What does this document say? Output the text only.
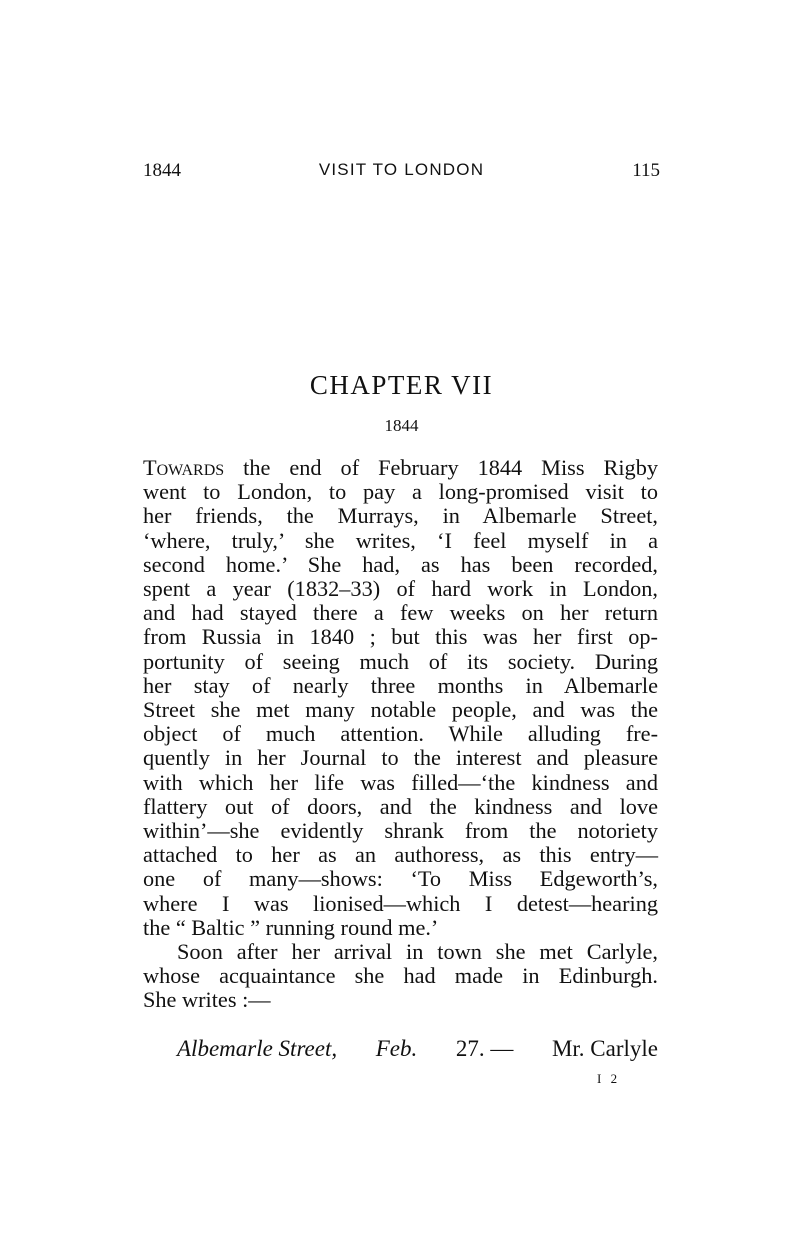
1844	VISIT TO LONDON	115
CHAPTER VII
1844

Towards the end of February 1844 Miss Rigby
went to London, to pay a long-promised visit to
her friends, the Murrays, in Albemarle Street,
‘where, truly,’ she writes, ‘I feel myself in a
second home.’ She had, as has been recorded,
spent a year (1832–33) of hard work in London,
and had stayed there a few weeks on her return
from Russia in 1840 ; but this was her first op-
portunity of seeing much of its society. During
her stay of nearly three months in Albemarle
Street she met many notable people, and was the
object of much attention. While alluding fre-
quently in her Journal to the interest and pleasure
with which her life was filled—‘the kindness and
flattery out of doors, and the kindness and love
within’—she evidently shrank from the notoriety
attached to her as an authoress, as this entry—
one of many—shows: ‘To Miss Edgeworth’s,
where I was lionised—which I detest—hearing
the “ Baltic ” running round me.’

Soon after her arrival in town she met Carlyle,
whose acquaintance she had made in Edinburgh.
She writes :—

Albemarle Street, Feb. 27. — Mr. Carlyle
I 2
